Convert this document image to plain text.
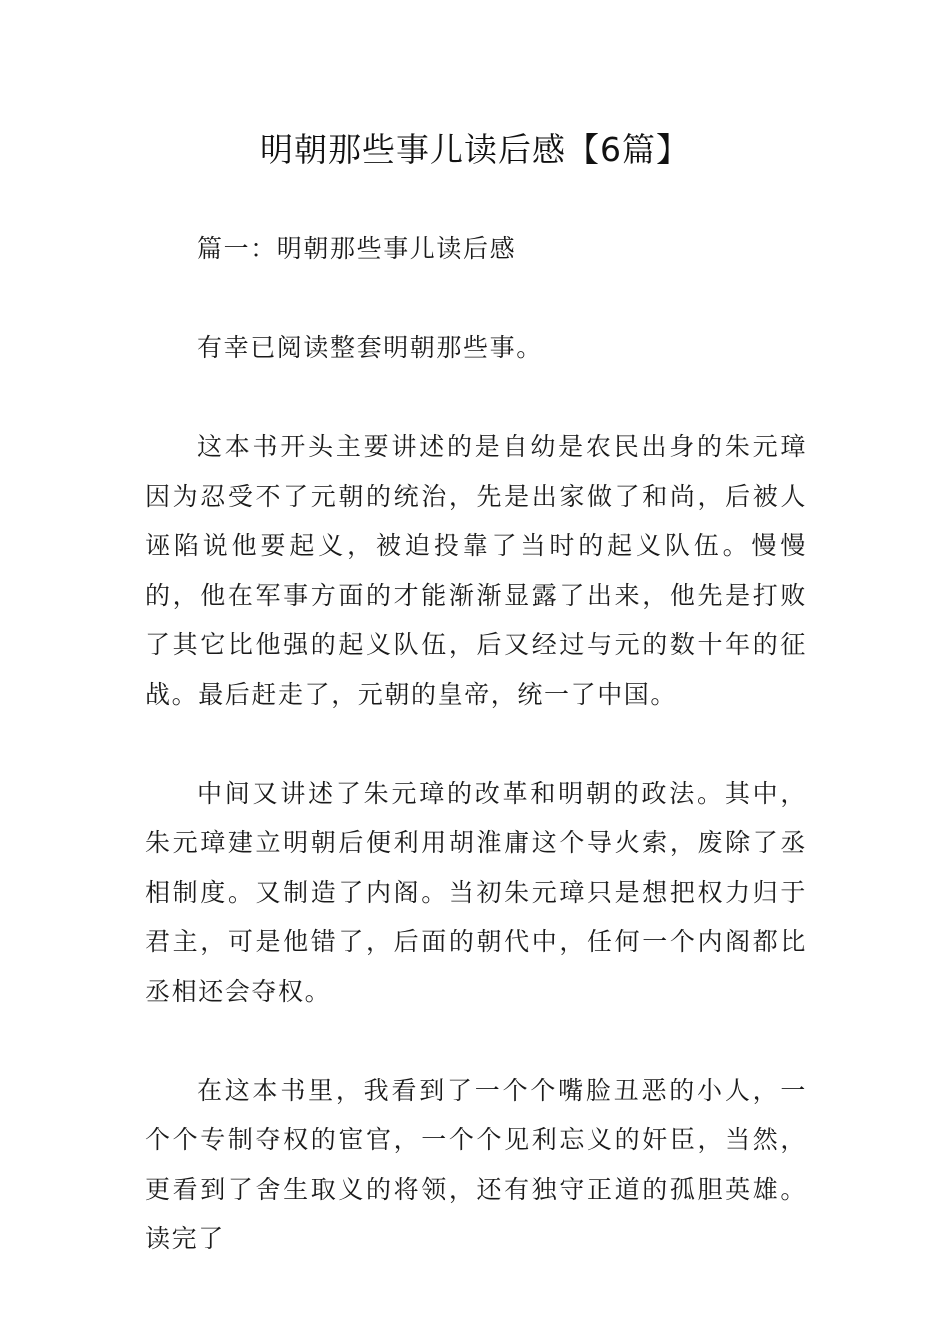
明朝那些事儿读后感【6篇】

篇一：明朝那些事儿读后感

有幸已阅读整套明朝那些事。

这本书开头主要讲述的是自幼是农民出身的朱元璋因为忍受不了元朝的统治，先是出家做了和尚，后被人诬陷说他要起义，被迫投靠了当时的起义队伍。慢慢的，他在军事方面的才能渐渐显露了出来，他先是打败了其它比他强的起义队伍，后又经过与元的数十年的征战。最后赶走了，元朝的皇帝，统一了中国。

中间又讲述了朱元璋的改革和明朝的政法。其中，朱元璋建立明朝后便利用胡淮庸这个导火索，废除了丞相制度。又制造了内阁。当初朱元璋只是想把权力归于君主，可是他错了，后面的朝代中，任何一个内阁都比丞相还会夺权。

在这本书里，我看到了一个个嘴脸丑恶的小人，一个个专制夺权的宦官，一个个见利忘义的奸臣，当然，更看到了舍生取义的将领，还有独守正道的孤胆英雄。读完了
